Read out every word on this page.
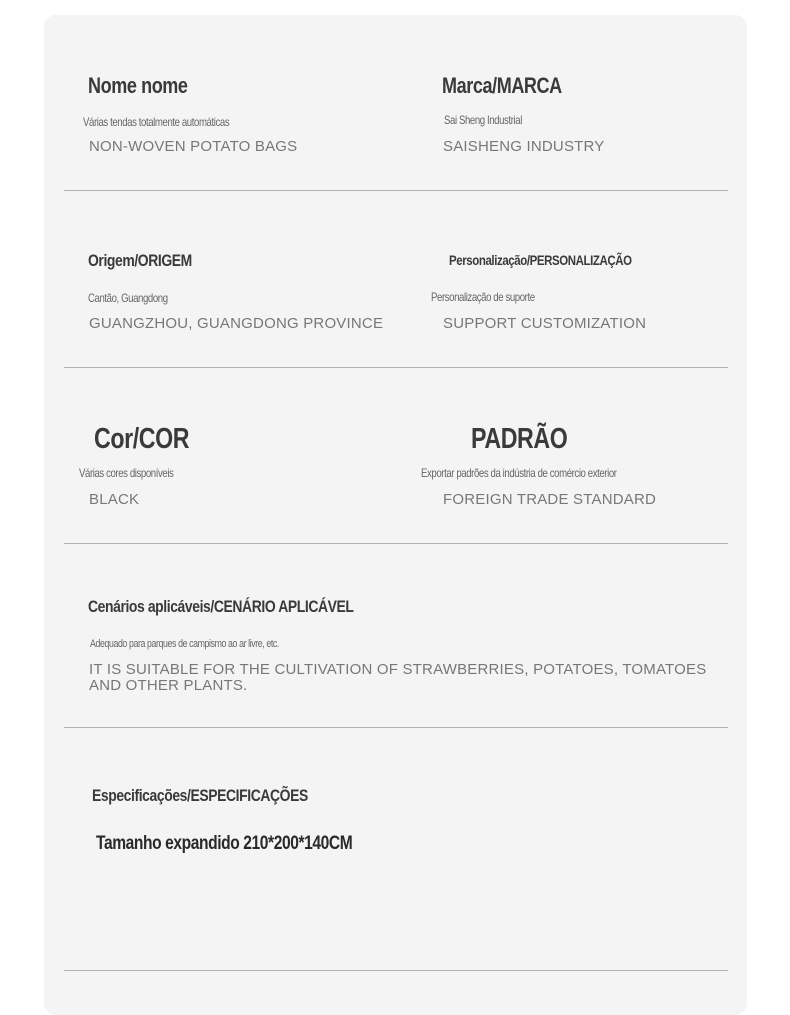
Nome nome

Várias tendas totalmente automáticas

NON-WOVEN POTATO BAGS

Marca/MARCA

Sai Sheng Industrial

SAISHENG INDUSTRY

Origem/ORIGEM

Cantão, Guangdong

GUANGZHOU, GUANGDONG PROVINCE

Personalização/PERSONALIZAÇÃO

Personalização de suporte

SUPPORT CUSTOMIZATION

Cor/COR

Várias cores disponíveis

BLACK

PADRÃO

Exportar padrões da indústria de comércio exterior

FOREIGN TRADE STANDARD

Cenários aplicáveis/CENÁRIO APLICÁVEL

Adequado para parques de campismo ao ar livre, etc.

IT IS SUITABLE FOR THE CULTIVATION OF STRAWBERRIES, POTATOES, TOMATOES AND OTHER PLANTS.

Especificações/ESPECIFICAÇÕES

Tamanho expandido 210*200*140CM
